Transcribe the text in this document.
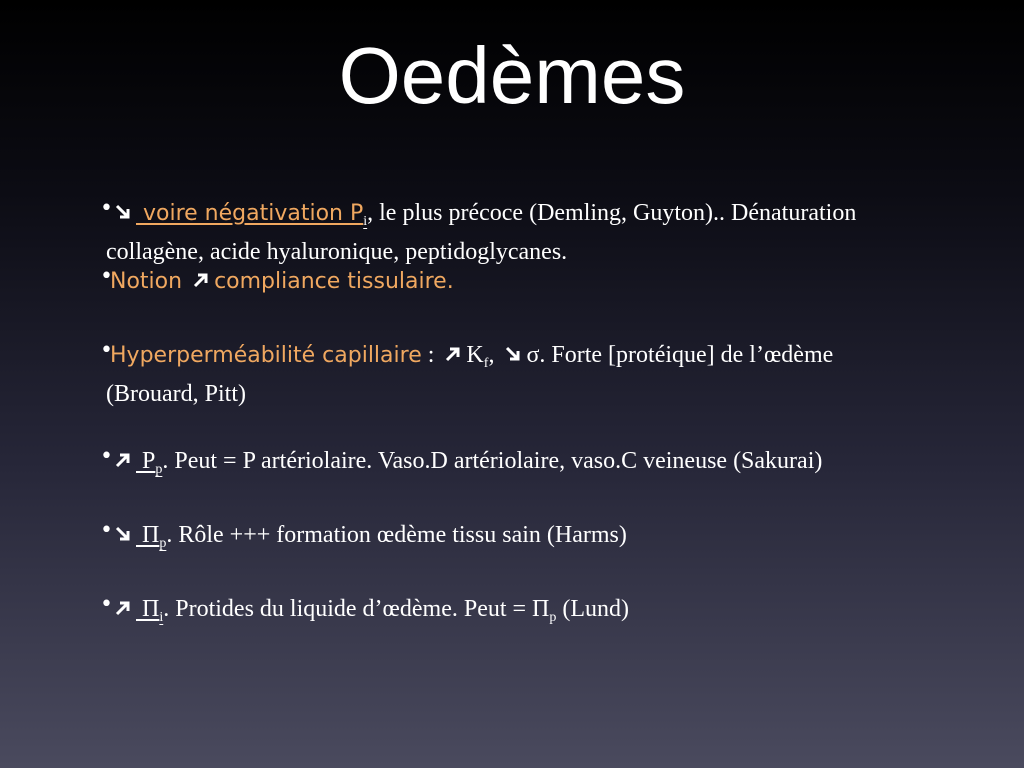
Oedèmes
•	voire négativation $P_i$, le plus précoce (Demling, Guyton).. Dénaturation
collagène, acide hyaluronique, peptidoglycanes.
•
Notion compliance tissulaire.
•
Hyperperméabilité capillaire : $K_f$, σ. Forte [protéique] de l’œdème
(Brouard, Pitt)
• $P_p$. Peut = P artériolaire. Vaso.D artériolaire, vaso.C veineuse (Sakurai)
• $\Pi_p$. Rôle +++ formation œdème tissu sain (Harms)
• $\Pi_i$. Protides du liquide d’œdème. Peut = $\Pi_p$ (Lund)
